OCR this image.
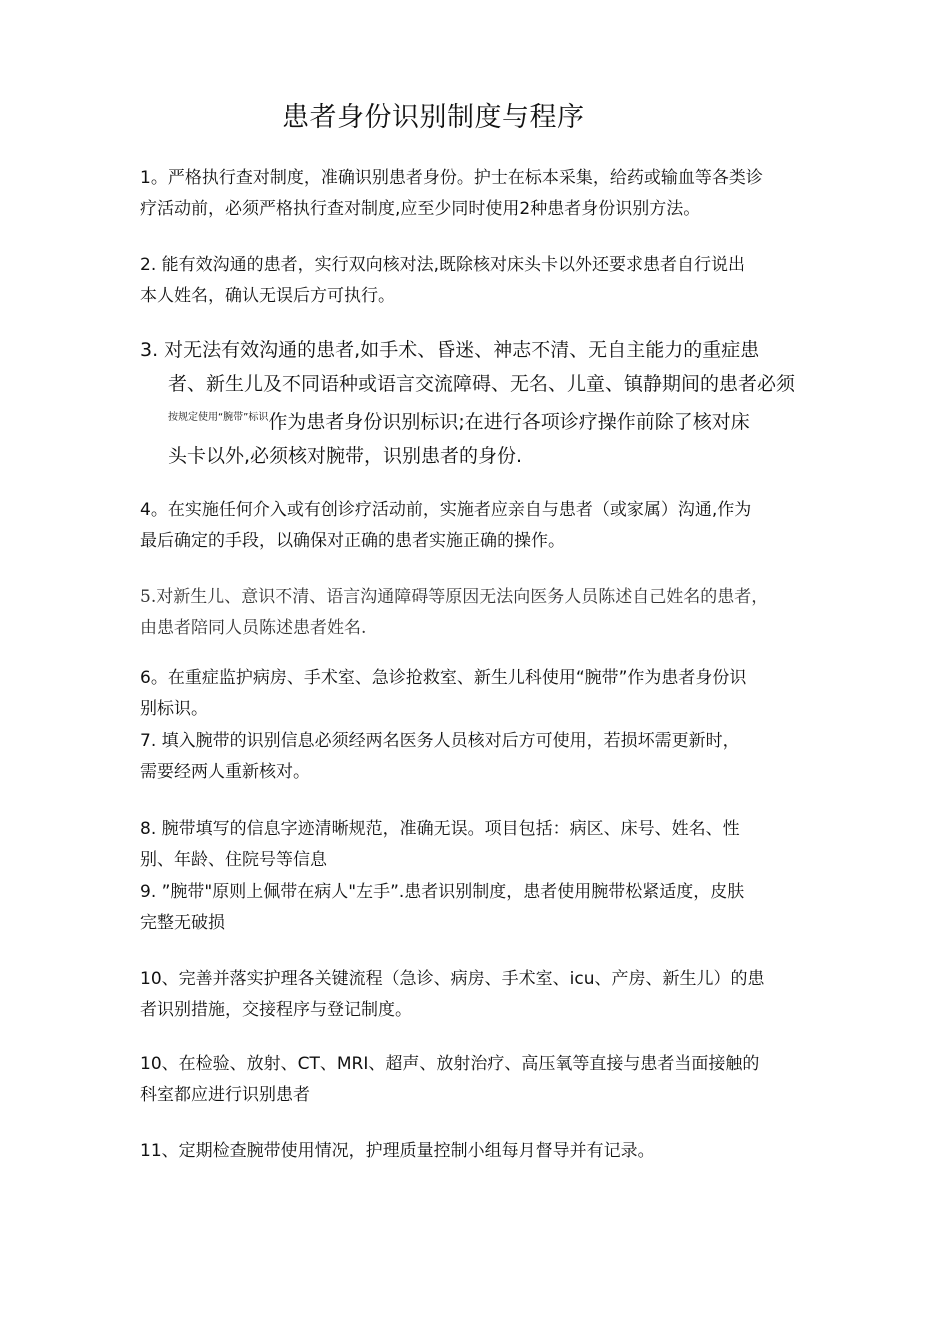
患者身份识别制度与程序
1。严格执行查对制度，准确识别患者身份。护士在标本采集，给药或输血等各类诊
疗活动前，必须严格执行查对制度,应至少同时使用2种患者身份识别方法。
2. 能有效沟通的患者，实行双向核对法,既除核对床头卡以外还要求患者自行说出
本人姓名，确认无误后方可执行。
3. 对无法有效沟通的患者,如手术、昏迷、神志不清、无自主能力的重症患
者、新生儿及不同语种或语言交流障碍、无名、儿童、镇静期间的患者必须
$^{按规定使用“腕带”标识}$作为患者身份识别标识;在进行各项诊疗操作前除了核对床
头卡以外,必须核对腕带，识别患者的身份.
4。在实施任何介入或有创诊疗活动前，实施者应亲自与患者（或家属）沟通,作为
最后确定的手段，以确保对正确的患者实施正确的操作。
5.对新生儿、意识不清、语言沟通障碍等原因无法向医务人员陈述自己姓名的患者，
由患者陪同人员陈述患者姓名.
6。在重症监护病房、手术室、急诊抢救室、新生儿科使用“腕带”作为患者身份识
别标识。
7. 填入腕带的识别信息必须经两名医务人员核对后方可使用，若损坏需更新时，
需要经两人重新核对。
8. 腕带填写的信息字迹清晰规范，准确无误。项目包括：病区、床号、姓名、性
别、年龄、住院号等信息
9. ”腕带"原则上佩带在病人"左手”.患者识别制度，患者使用腕带松紧适度，皮肤
完整无破损
10、完善并落实护理各关键流程（急诊、病房、手术室、icu、产房、新生儿）的患
者识别措施，交接程序与登记制度。
10、在检验、放射、CT、MRI、超声、放射治疗、高压氧等直接与患者当面接触的
科室都应进行识别患者
11、定期检查腕带使用情况，护理质量控制小组每月督导并有记录。
